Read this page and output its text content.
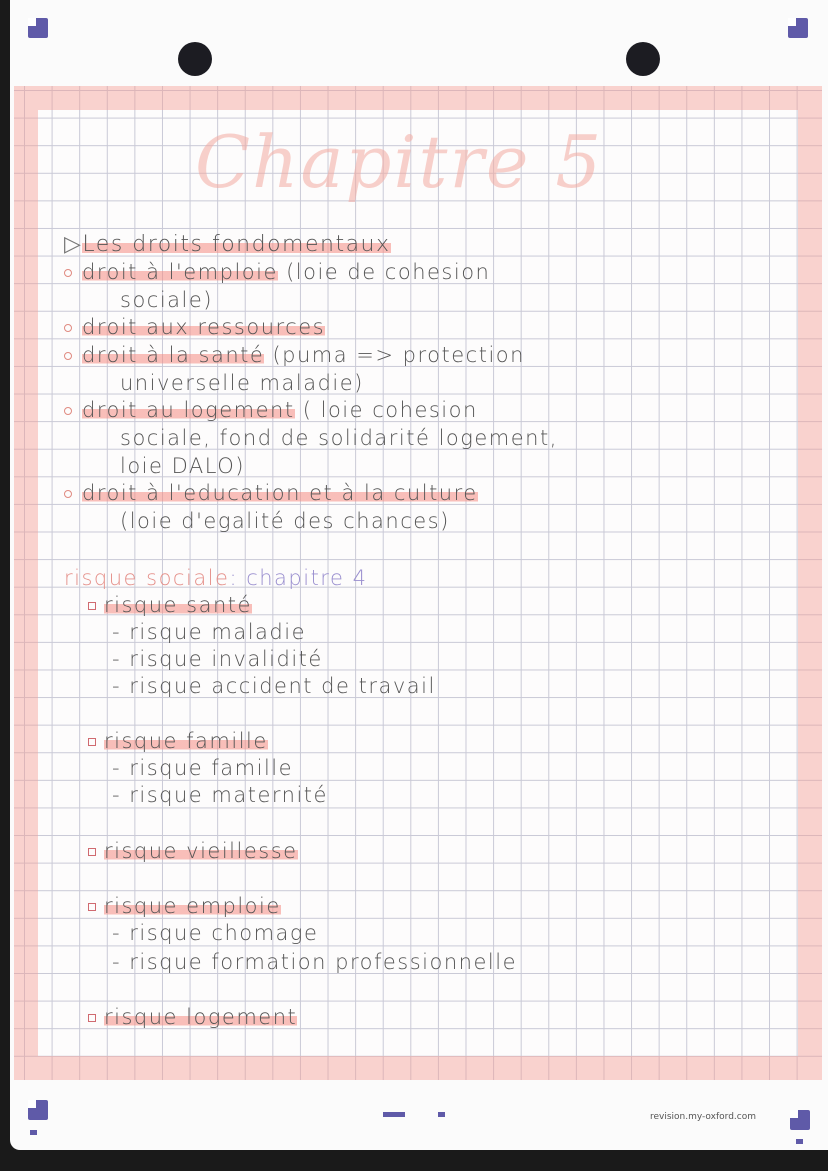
Chapitre 5
▷Les droits fondomentaux
droit à l'emploie (loie de cohesion
sociale)
droit aux ressources
droit à la santé (puma => protection
universelle maladie)
droit au logement ( loie cohesion
sociale, fond de solidarité logement,
loie DALO)
droit à l'education et à la culture
(loie d'egalité des chances)
risque sociale: chapitre 4
risque santé
- risque maladie
- risque invalidité
- risque accident de travail
risque famille
- risque famille
- risque maternité
risque vieillesse
risque emploie
- risque chomage
- risque formation professionnelle
risque logement
revision.my-oxford.com
